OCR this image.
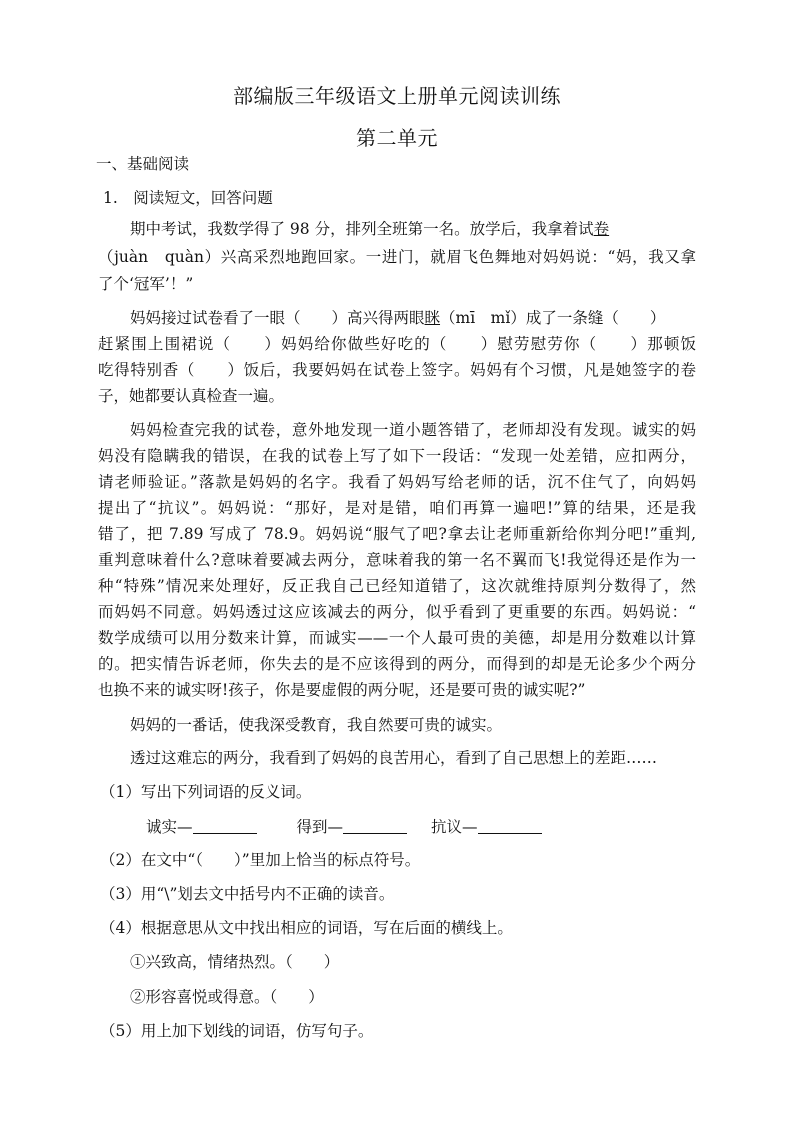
部编版三年级语文上册单元阅读训练
第二单元
一、基础阅读
1.　阅读短文，回答问题
期中考试，我数学得了 98 分，排列全班第一名。放学后，我拿着试卷
（juàn　quàn）兴高采烈地跑回家。一进门，就眉飞色舞地对妈妈说：“妈，我又拿
了个‘冠军’！”
妈妈接过试卷看了一眼（　　）高兴得两眼眯（mī　mǐ）成了一条缝（　　）
赶紧围上围裙说（　　）妈妈给你做些好吃的（　　）慰劳慰劳你（　　）那顿饭
吃得特别香（　　）饭后，我要妈妈在试卷上签字。妈妈有个习惯，凡是她签字的卷
子，她都要认真检查一遍。
妈妈检查完我的试卷，意外地发现一道小题答错了，老师却没有发现。诚实的妈
妈没有隐瞒我的错误，在我的试卷上写了如下一段话：“发现一处差错，应扣两分，
请老师验证。”落款是妈妈的名字。我看了妈妈写给老师的话，沉不住气了，向妈妈
提出了“抗议”。妈妈说：“那好，是对是错，咱们再算一遍吧!”算的结果，还是我
错了，把 7.89 写成了 78.9。妈妈说“服气了吧?拿去让老师重新给你判分吧!”重判,
重判意味着什么?意味着要减去两分，意味着我的第一名不翼而飞!我觉得还是作为一
种“特殊”情况来处理好，反正我自己已经知道错了，这次就维持原判分数得了，然
而妈妈不同意。妈妈透过这应该减去的两分，似乎看到了更重要的东西。妈妈说：“
数学成绩可以用分数来计算，而诚实——一个人最可贵的美德，却是用分数难以计算
的。把实情告诉老师，你失去的是不应该得到的两分，而得到的却是无论多少个两分
也换不来的诚实呀!孩子，你是要虚假的两分呢，还是要可贵的诚实呢?”
妈妈的一番话，使我深受教育，我自然要可贵的诚实。
透过这难忘的两分，我看到了妈妈的良苦用心，看到了自己思想上的差距……
（1）写出下列词语的反义词。
诚实—	得到—	抗议—
（2）在文中“（　　）”里加上恰当的标点符号。
（3）用“\”划去文中括号内不正确的读音。
（4）根据意思从文中找出相应的词语，写在后面的横线上。
①兴致高，情绪热烈。（　　）
②形容喜悦或得意。（　　）
（5）用上加下划线的词语，仿写句子。
